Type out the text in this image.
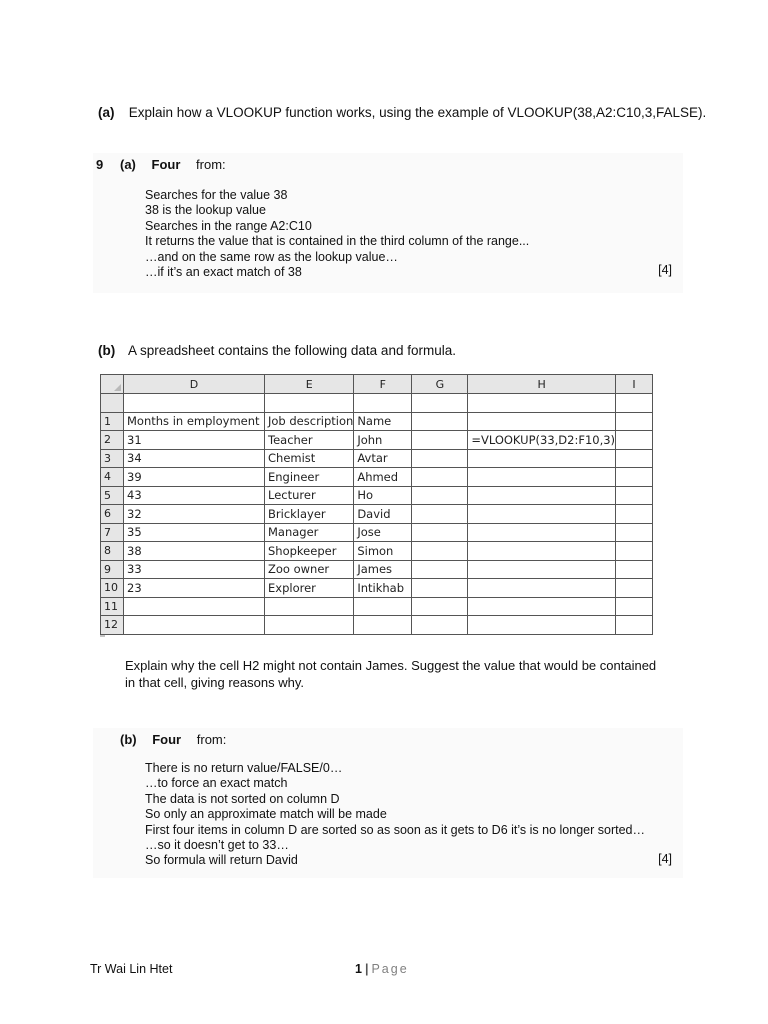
(a) Explain how a VLOOKUP function works, using the example of VLOOKUP(38,A2:C10,3,FALSE).
9 (a) Four from:
Searches for the value 38
38 is the lookup value
Searches in the range A2:C10
It returns the value that is contained in the third column of the range...
…and on the same row as the lookup value…
…if it’s an exact match of 38	[4]
(b) A spreadsheet contains the following data and formula.
	D	E	F	G	H	I

1	Months in employment	Job description	Name			
2	31	Teacher	John		=VLOOKUP(33,D2:F10,3)	
3	34	Chemist	Avtar			
4	39	Engineer	Ahmed			
5	43	Lecturer	Ho			
6	32	Bricklayer	David			
7	35	Manager	Jose			
8	38	Shopkeeper	Simon			
9	33	Zoo owner	James			
10	23	Explorer	Intikhab			
11						
12						
Explain why the cell H2 might not contain James. Suggest the value that would be contained
in that cell, giving reasons why.
(b) Four from:
There is no return value/FALSE/0…
…to force an exact match
The data is not sorted on column D
So only an approximate match will be made
First four items in column D are sorted so as soon as it gets to D6 it’s is no longer sorted…
…so it doesn’t get to 33…
So formula will return David	[4]
Tr Wai Lin Htet	1 | Page
